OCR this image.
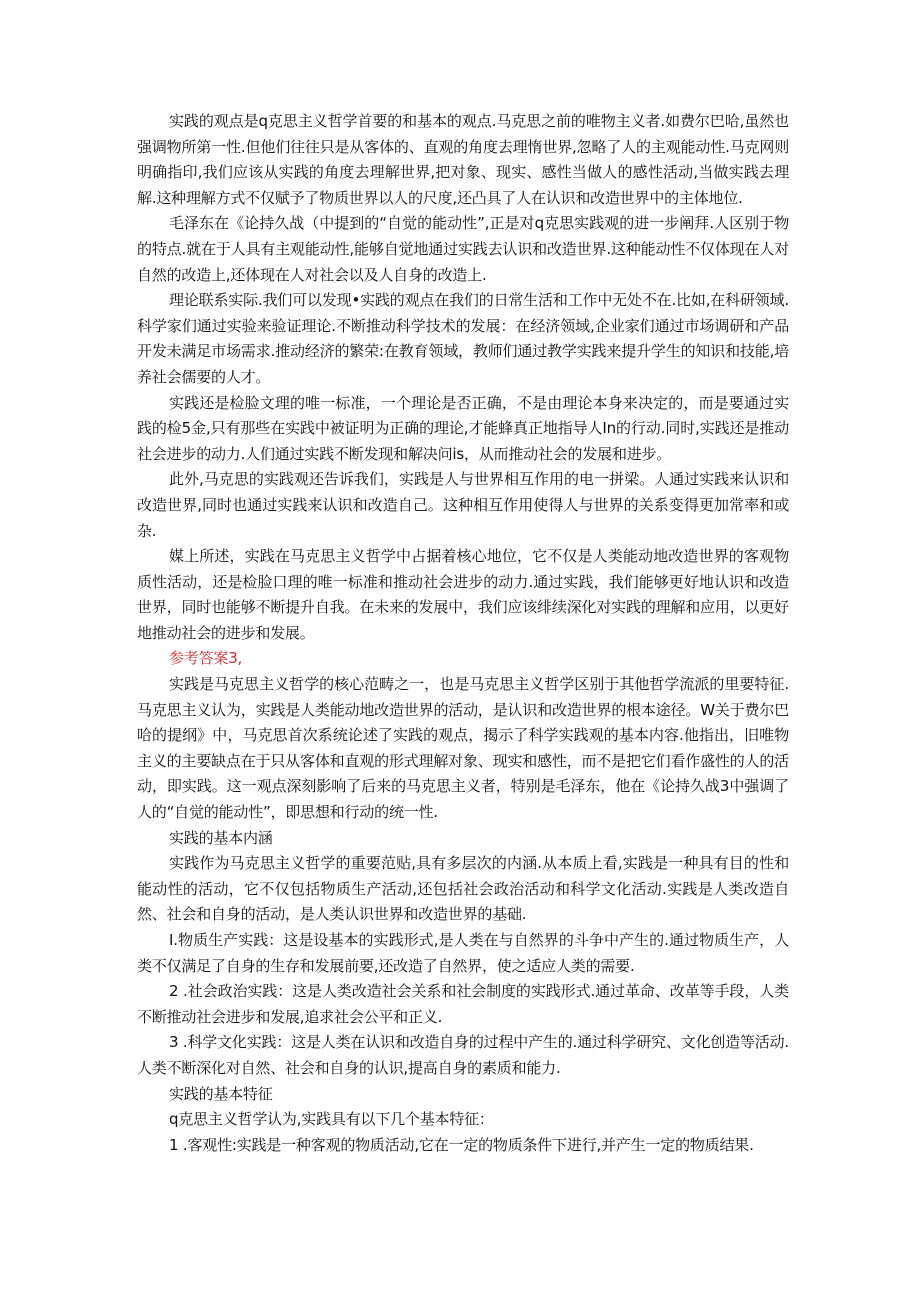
实践的观点是q克思主义哲学首要的和基本的观点.马克思之前的唯物主义者.如费尔巴哈,虽然也强调物所第一性.但他们往往只是从客体的、直观的角度去理惰世界,忽略了人的主观能动性.马克网则明确指印,我们应该从实践的角度去理解世界,把对象、现实、感性当做人的感性活动,当做实践去理解.这种理解方式不仅赋予了物质世界以人的尺度,还凸具了人在认识和改造世界中的主体地位.

毛泽东在《论持久战（中提到的“自觉的能动性”,正是对q克思实践观的进一步阐拜.人区别于物的特点.就在于人具有主观能动性,能够自觉地通过实践去认识和改造世界.这种能动性不仅体现在人对自然的改造上,还体现在人对社会以及人自身的改造上.

理论联系实际.我们可以发现•实践的观点在我们的日常生活和工作中无处不在.比如,在科研领域.科学家们通过实验来验证理论.不断推动科学技术的发展：在经济领域,企业家们通过市场调研和产品开发未满足市场需求.推动经济的繁荣:在教育领域，教师们通过教学实践来提升学生的知识和技能,培养社会儒要的人才。

实践还是检脸文理的唯一标准，一个理论是否正确，不是由理论本身来决定的，而是要通过实践的检5金,只有那些在实践中被证明为正确的理论,才能蜂真正地指导人In的行动.同时,实践还是推动社会进步的动力.人们通过实践不断发现和解决问is，从而推动社会的发展和进步。

此外,马克思的实践观还告诉我们，实践是人与世界相互作用的电一拼梁。人通过实践来认识和改造世界,同时也通过实践来认识和改造自己。这种相互作用使得人与世界的关系变得更加常率和或杂.

媒上所述，实践在马克思主义哲学中占据着核心地位，它不仅是人类能动地改造世界的客观物质性活动，还是检脸口理的唯一标准和推动社会进步的动力.通过实践，我们能够更好地认识和改造世界，同时也能够不断提升自我。在未来的发展中，我们应该绯续深化对实践的理解和应用，以更好地推动社会的进步和发展。

参考答案3,

实践是马克思主义哲学的核心范畴之一，也是马克思主义哲学区别于其他哲学流派的里要特征.马克思主义认为，实践是人类能动地改造世界的活动，是认识和改造世界的根本途径。W关于费尔巴哈的提纲》中，马克思首次系统论述了实践的观点，揭示了科学实践观的基本内容.他指出，旧唯物主义的主要缺点在于只从客体和直观的形式理解对象、现实和感性，而不是把它们看作盛性的人的活动，即实践。这一观点深刻影响了后来的马克思主义者，特别是毛泽东，他在《论持久战3中强调了人的“自觉的能动性”，即思想和行动的统一性.

实践的基本内涵

实践作为马克思主义哲学的重要范贴,具有多层次的内涵.从本质上看,实践是一种具有目的性和能动性的活动，它不仅包括物质生产活动,还包括社会政治活动和科学文化活动.实践是人类改造自然、社会和自身的活动，是人类认识世界和改造世界的基础.

I.物质生产实践：这是设基本的实践形式,是人类在与自然界的斗争中产生的.通过物质生产，人类不仅满足了自身的生存和发展前要,还改造了自然界，使之适应人类的需要.

2 .社会政治实践：这是人类改造社会关系和社会制度的实践形式.通过革命、改革等手段，人类不断推动社会进步和发展,追求社会公平和正义.

3 .科学文化实践：这是人类在认识和改造自身的过程中产生的.通过科学研究、文化创造等活动.人类不断深化对自然、社会和自身的认识,提高自身的素质和能力.

实践的基本特征

q克思主义哲学认为,实践具有以下几个基本特征：

1 .客观性:实践是一种客观的物质活动,它在一定的物质条件下进行,并产生一定的物质结果.
